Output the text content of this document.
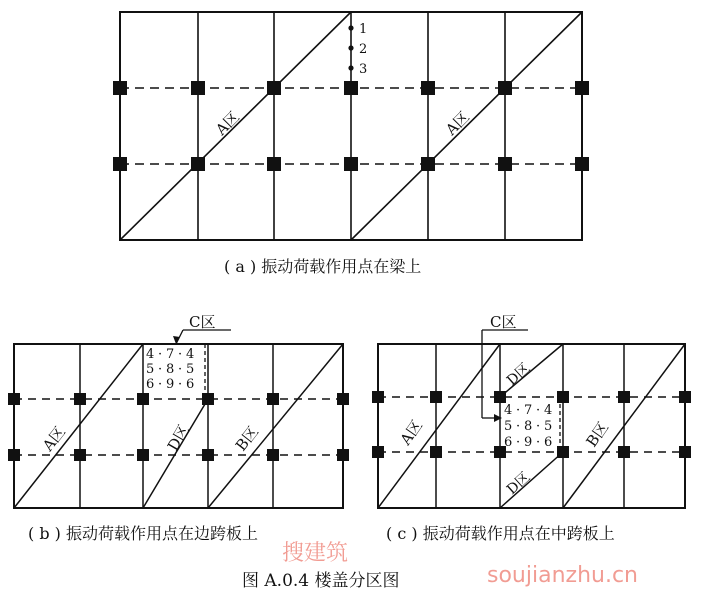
1
2
3
A区	A区
( a ) 振动荷载作用点在梁上
C区
4 7 4
5 8 5
6 9 6
· ·
· ·
· ·
A区	D区	B区
( b ) 振动荷载作用点在边跨板上
C区
4 7 4
5 8 5
6 9 6
· ·
· ·
· ·
A区
D区
D区
B区
( c ) 振动荷载作用点在中跨板上
图 A.0.4 楼盖分区图
搜建筑
soujianzhu.cn
